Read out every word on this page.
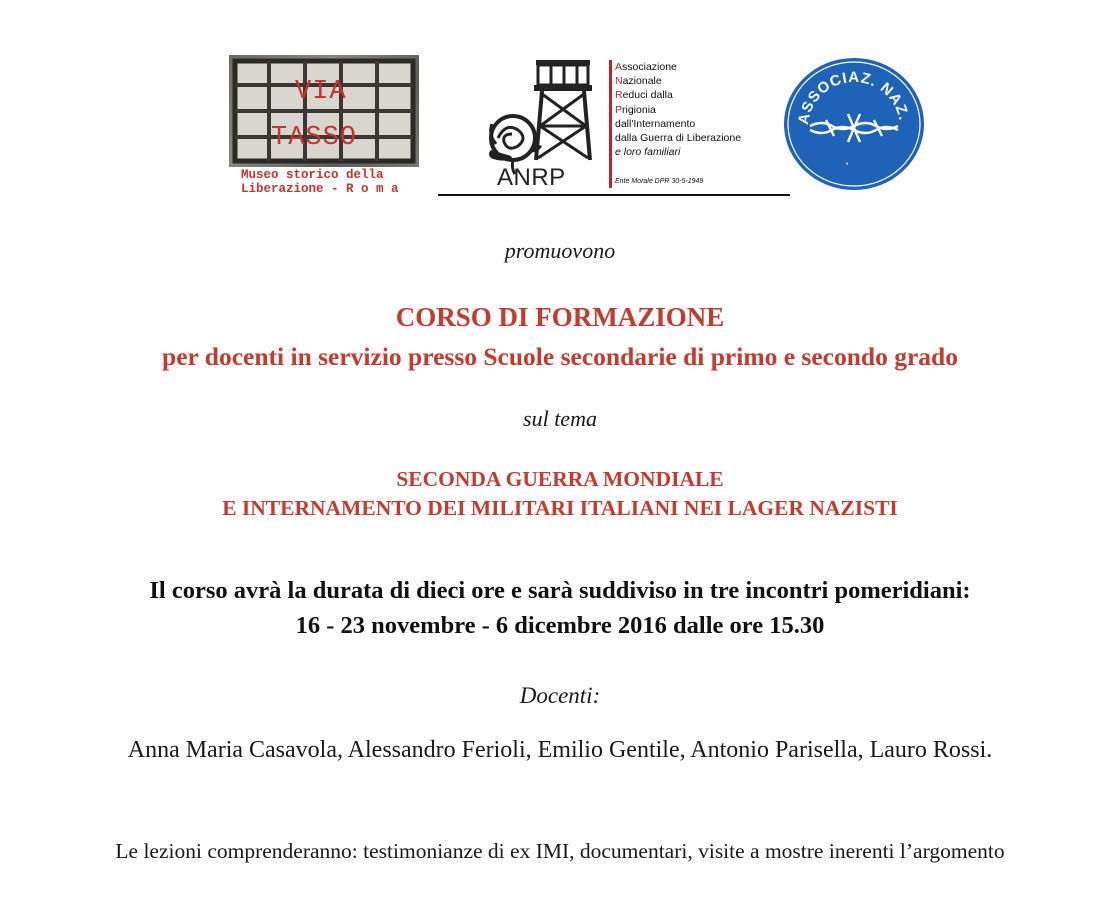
VIA
TASSO
Museo storico della
Liberazione - R o m a
Associazione
Nazionale
Reduci dalla
Prigionia
dall'Internamento
dalla Guerra di Liberazione
e loro familiari
Ente Morale DPR 30-5-1949
ANRP
ASSOCIAZ. NAZ.
·
promuovono
CORSO DI FORMAZIONE
per docenti in servizio presso Scuole secondarie di primo e secondo grado
sul tema
SECONDA GUERRA MONDIALE
E INTERNAMENTO DEI MILITARI ITALIANI NEI LAGER NAZISTI
Il corso avrà la durata di dieci ore e sarà suddiviso in tre incontri pomeridiani:
16 - 23 novembre - 6 dicembre 2016 dalle ore 15.30
Docenti:
Anna Maria Casavola, Alessandro Ferioli, Emilio Gentile, Antonio Parisella, Lauro Rossi.
Le lezioni comprenderanno: testimonianze di ex IMI, documentari, visite a mostre inerenti l’argomento
